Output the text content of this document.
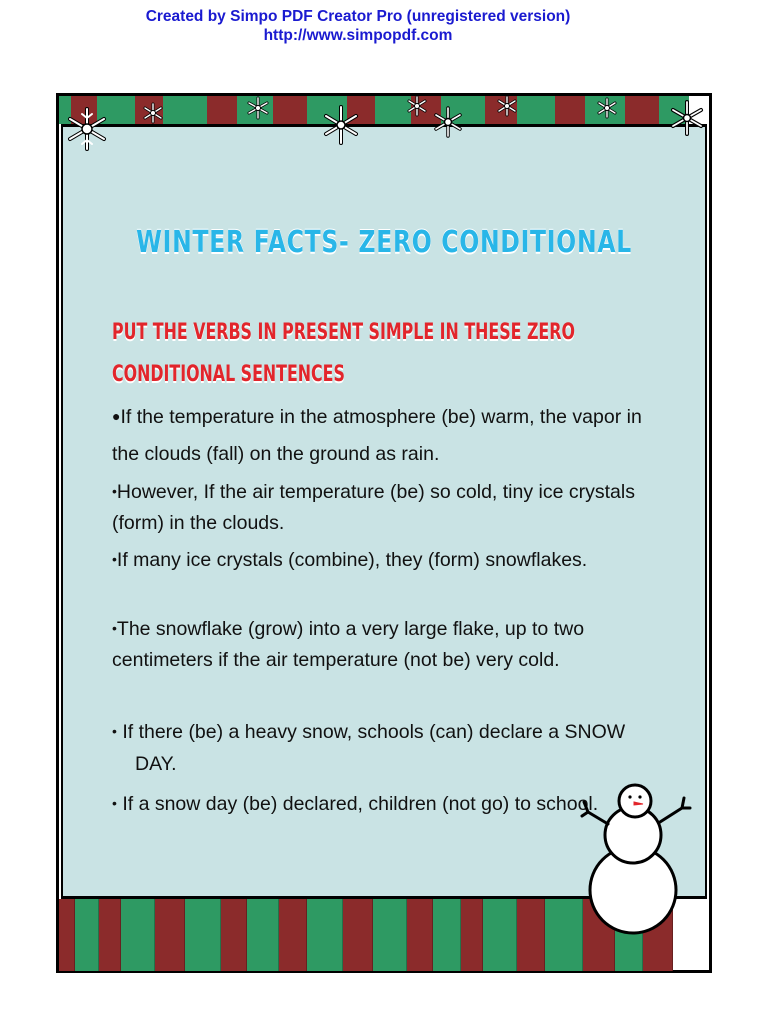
Created by Simpo PDF Creator Pro (unregistered version)
http://www.simpopdf.com
WINTER FACTS- ZERO CONDITIONAL
PUT THE VERBS IN PRESENT SIMPLE IN THESE ZERO
CONDITIONAL SENTENCES
●If the temperature in the atmosphere (be) warm, the vapor in the clouds (fall) on the ground as rain.
•However, If the air temperature (be) so cold, tiny ice crystals (form) in the clouds.
•If many ice crystals (combine), they (form) snowflakes.
•The snowflake (grow) into a very large flake, up to two centimeters if the air temperature (not be) very cold.
• If there (be) a heavy snow, schools (can) declare a SNOW DAY.
• If a snow day (be) declared, children (not go) to school.
